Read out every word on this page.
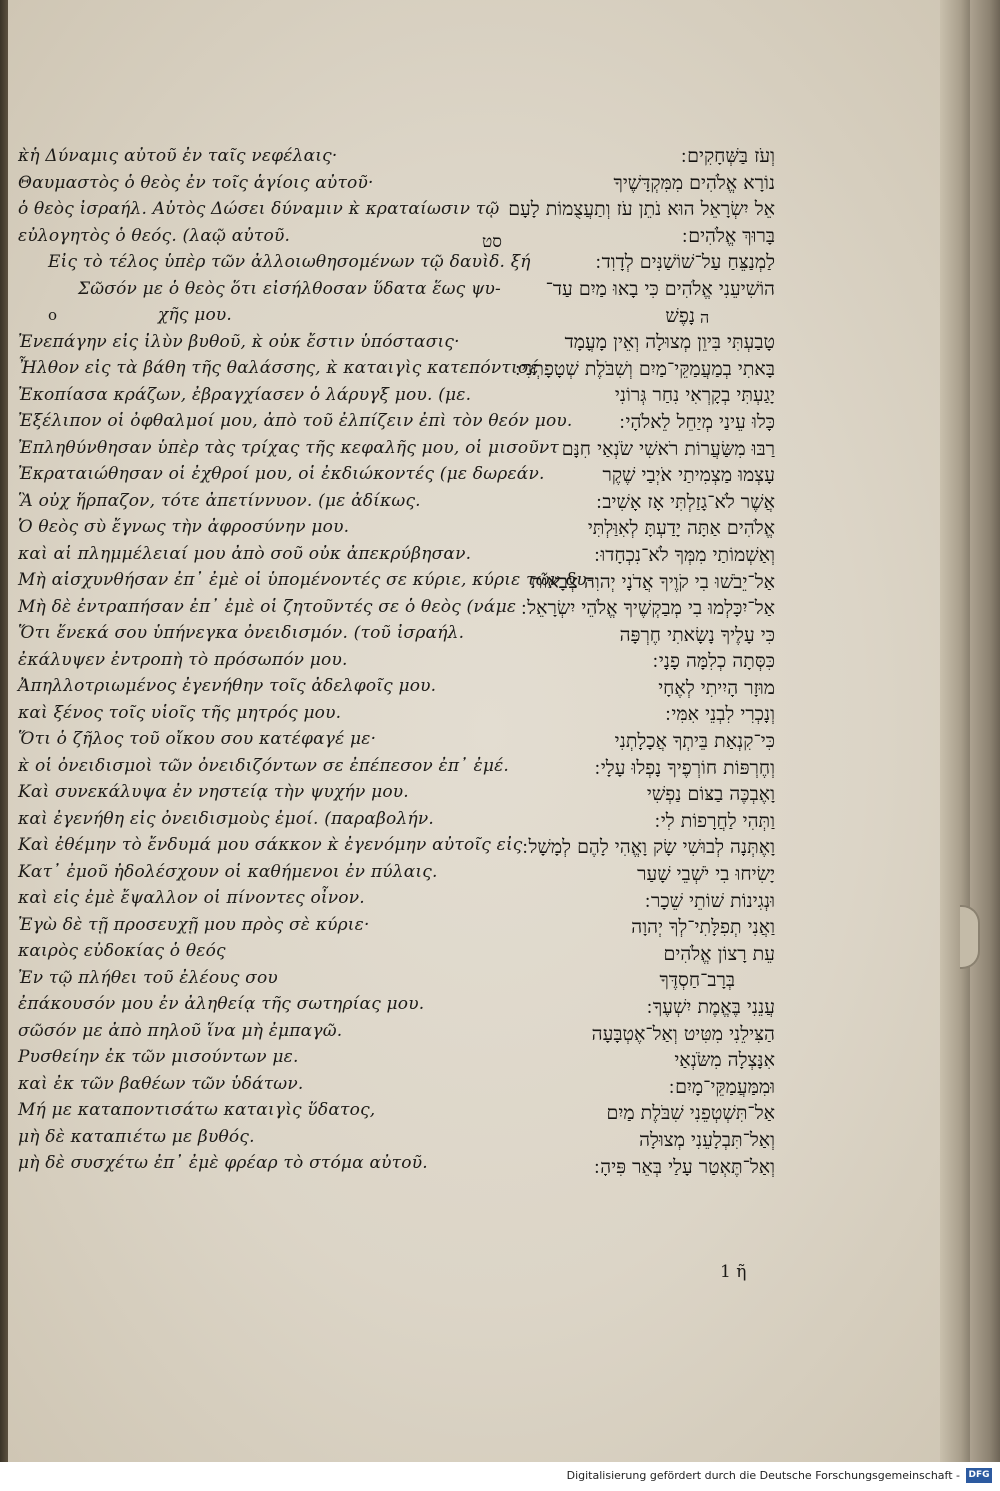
κ̀ἡ Δύναμις αὐτοῦ ἐν ταῖς νεφέλαις·
Θαυμαστὸς ὁ θεὸς ἐν τοῖς ἁγίοις αὐτοῦ·
ὁ θεὸς ἰσραήλ. Αὐτὸς Δώσει δύναμιν κ̀ κραταίωσιν τῷ
εὐλογητὸς ὁ θεός. (λαῷ αὐτοῦ.
Εἰς τὸ τέλος ὑπὲρ τῶν ἀλλοιωθησομένων τῷ δαυὶδ. ξή
Σῶσόν με ὁ θεὸς ὅτι εἰσήλθοσαν ὕδατα ἕως ψυ-
χῆς μου.
Ἐνεπάγην εἰς ἰλὺν βυθοῦ, κ̀ οὐκ ἔστιν ὑπόστασις·
Ἦλθον εἰς τὰ βάθη τῆς θαλάσσης, κ̀ καταιγὶς κατεπόντισέ
Ἐκοπίασα κράζων, ἐβραγχίασεν ὁ λάρυγξ μου. (με.
Ἐξέλιπον οἱ ὀφθαλμοί μου, ἀπὸ τοῦ ἐλπίζειν ἐπὶ τὸν θεόν μου.
Ἐπληθύνθησαν ὑπὲρ τὰς τρίχας τῆς κεφαλῆς μου, οἱ μισοῦντ
Ἐκραταιώθησαν οἱ ἐχθροί μου, οἱ ἐκδιώκοντές (με δωρεάν.
Ἃ οὐχ ἥρπαζον, τότε ἀπετίννυον. (με ἀδίκως.
Ὁ θεὸς σὺ ἔγνως τὴν ἀφροσύνην μου.
καὶ αἱ πλημμέλειαί μου ἀπὸ σοῦ οὐκ ἀπεκρύβησαν.
Μὴ αἰσχυνθήσαν ἐπ᾽ ἐμὲ οἱ ὑπομένοντές σε κύριε, κύριε τῶν δυ-
Μὴ δὲ ἐντραπήσαν ἐπ᾽ ἐμὲ οἱ ζητοῦντές σε ὁ θεὸς (νάμε
Ὅτι ἕνεκά σου ὑπήνεγκα ὀνειδισμόν. (τοῦ ἰσραήλ.
ἐκάλυψεν ἐντροπὴ τὸ πρόσωπόν μου.
Ἀπηλλοτριωμένος ἐγενήθην τοῖς ἀδελφοῖς μου.
καὶ ξένος τοῖς υἱοῖς τῆς μητρός μου.
Ὅτι ὁ ζῆλος τοῦ οἴκου σου κατέφαγέ με·
κ̀ οἱ ὀνειδισμοὶ τῶν ὀνειδιζόντων σε ἐπέπεσον ἐπ᾽ ἐμέ.
Καὶ συνεκάλυψα ἐν νηστείᾳ τὴν ψυχήν μου.
καὶ ἐγενήθη εἰς ὀνειδισμοὺς ἐμοί. (παραβολήν.
Καὶ ἐθέμην τὸ ἔνδυμά μου σάκκον κ̀ ἐγενόμην αὐτοῖς εἰς
Κατ᾽ ἐμοῦ ἠδολέσχουν οἱ καθήμενοι ἐν πύλαις.
καὶ εἰς ἐμὲ ἔψαλλον οἱ πίνοντες οἶνον.
Ἐγὼ δὲ τῇ προσευχῇ μου πρὸς σὲ κύριε·
καιρὸς εὐδοκίας ὁ θεός
Ἐν τῷ πλήθει τοῦ ἐλέους σου
ἐπάκουσόν μου ἐν ἀληθείᾳ τῆς σωτηρίας μου.
σῶσόν με ἀπὸ πηλοῦ ἵνα μὴ ἐμπαγῶ.
Ρυσθείην ἐκ τῶν μισούντων με.
καὶ ἐκ τῶν βαθέων τῶν ὑδάτων.
Μή με καταποντισάτω καταιγὶς ὕδατος,
μὴ δὲ καταπιέτω με βυθός.
μὴ δὲ συσχέτω ἐπ᾽ ἐμὲ φρέαρ τὸ στόμα αὐτοῦ.
ο
סט
וְעֹז בַּשְּׁחָקִים ׃
נוֹרָא אֱלֹהִים מִמִּקְדָּשֶׁיךָ
אֵל יִשְׂרָאֵל הוּא נֹתֵן עֹז וְתַעֲצֻמוֹת לָעָם
בָּרוּךְ אֱלֹהִים ׃
לַמְנַצֵּחַ עַל־שׁוֹשַׁנִּים לְדָוִד ׃
הוֹשִׁיעֵנִי אֱלֹהִים כִּי בָאוּ מַיִם עַד־
נָפֶשׁ
טָבַעְתִּי בִּיוֵן מְצוּלָה וְאֵין מָעֳמָד
בָּאתִי בְמַעֲמַקֵּי־מַיִם וְשִׁבֹּלֶת שְׁטָפָתְנִי ׃
יָגַעְתִּי בְקָרְאִי נִחַר גְּרוֹנִי
כָּלוּ עֵינַי מְיַחֵל לֵאלֹהָי ׃
רַבּוּ מִשַּׂעֲרוֹת רֹאשִׁי שֹׂנְאַי חִנָּם
עָצְמוּ מַצְמִיתַי אֹיְבַי שֶׁקֶר
אֲשֶׁר לֹא־גָזַלְתִּי אָז אָשִׁיב ׃
אֱלֹהִים אַתָּה יָדַעְתָּ לְאִוַּלְתִּי
וְאַשְׁמוֹתַי מִמְּךָ לֹא־נִכְחָדוּ ׃
אַל־יֵבֹשׁוּ בִי קֹוֶיךָ אֲדֹנָי יְהוִה צְבָאוֹת
אַל־יִכָּלְמוּ בִי מְבַקְשֶׁיךָ אֱלֹהֵי יִשְׂרָאֵל ׃
כִּי עָלֶיךָ נָשָׂאתִי חֶרְפָּה
כִּסְּתָה כְלִמָּה פָנָי ׃
מוּזָר הָיִיתִי לְאֶחָי
וְנָכְרִי לִבְנֵי אִמִּי ׃
כִּי־קִנְאַת בֵּיתְךָ אֲכָלָתְנִי
וְחֶרְפּוֹת חוֹרְפֶיךָ נָפְלוּ עָלָי ׃
וָאֶבְכֶּה בַצּוֹם נַפְשִׁי
וַתְּהִי לַחֲרָפוֹת לִי ׃
וָאֶתְּנָה לְבוּשִׁי שָׂק וָאֱהִי לָהֶם לְמָשָׁל ׃
יָשִׂיחוּ בִי יֹשְׁבֵי שָׁעַר
וּנְגִינוֹת שׁוֹתֵי שֵׁכָר ׃
וַאֲנִי תְפִלָּתִי־לְךָ יְהוָה
עֵת רָצוֹן אֱלֹהִים
בְּרָב־חַסְדֶּךָ
עֲנֵנִי בֶּאֱמֶת יִשְׁעֶךָ ׃
הַצִּילֵנִי מִטִּיט וְאַל־אֶטְבָּעָה
אִנָּצְלָה מִשֹּׂנְאַי
וּמִמַּעֲמַקֵּי־מָיִם ׃
אַל־תִּשְׁטְפֵנִי שִׁבֹּלֶת מַיִם
וְאַל־תִּבְלָעֵנִי מְצוּלָה
וְאַל־תֶּאְטַר עָלַי בְּאֵר פִּיהָ ׃
ה
1 ῆ
Digitalisierung gefördert durch die Deutsche Forschungsgemeinschaft - DFG
